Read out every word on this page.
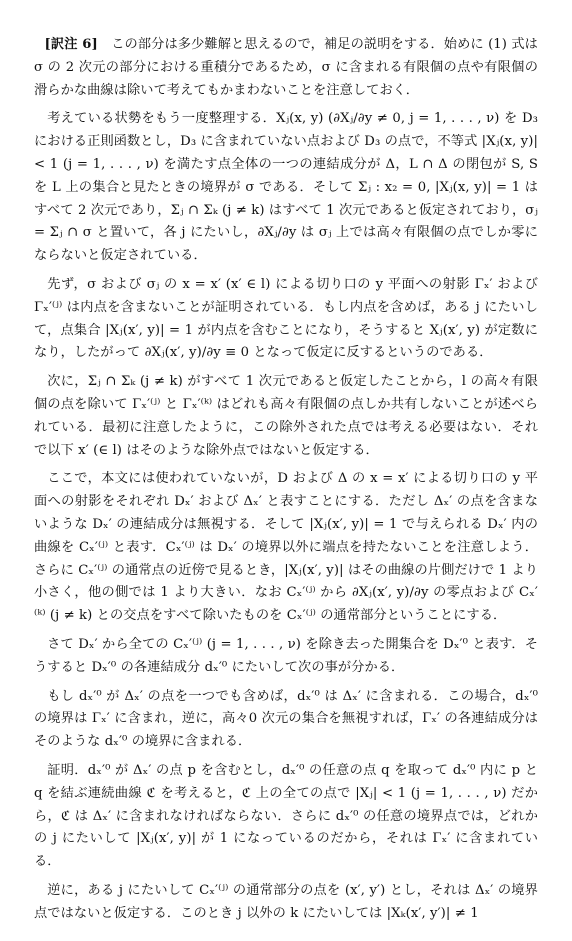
[訳注 6]　 この部分は多少難解と思えるので，補足の説明をする．始めに (1) 式は σ の 2 次元の部分における重積分であるため，σ に含まれる有限個の点や有限個の滑らかな曲線は除いて考えてもかまわないことを注意しておく．

考えている状勢をもう一度整理する．Xⱼ(x, y) (∂Xⱼ/∂y ≠ 0, j = 1, . . . , ν) を D₃ における正則函数とし，D₃ に含まれていない点および D₃ の点で，不等式 |Xⱼ(x, y)| < 1 (j = 1, . . . , ν) を満たす点全体の一つの連結成分が Δ，L ∩ Δ の閉包が S, S を L 上の集合と見たときの境界が σ である．そして Σⱼ : x₂ = 0, |Xⱼ(x, y)| = 1 はすべて 2 次元であり，Σⱼ ∩ Σₖ (j ≠ k) はすべて 1 次元であると仮定されており，σⱼ = Σⱼ ∩ σ と置いて，各 j にたいし，∂Xⱼ/∂y は σⱼ 上では高々有限個の点でしか零にならないと仮定されている．

先ず，σ および σⱼ の x = x′ (x′ ∈ l) による切り口の y 平面への射影 Γₓ′ および Γₓ′⁽ʲ⁾ は内点を含まないことが証明されている．もし内点を含めば，ある j にたいして，点集合 |Xⱼ(x′, y)| = 1 が内点を含むことになり，そうすると Xⱼ(x′, y) が定数になり，したがって ∂Xⱼ(x′, y)/∂y ≡ 0 となって仮定に反するというのである．

次に，Σⱼ ∩ Σₖ (j ≠ k) がすべて 1 次元であると仮定したことから，l の高々有限個の点を除いて Γₓ′⁽ʲ⁾ と Γₓ′⁽ᵏ⁾ はどれも高々有限個の点しか共有しないことが述べられている．最初に注意したように，この除外された点では考える必要はない．それで以下 x′ (∈ l) はそのような除外点ではないと仮定する．

ここで，本文には使われていないが，D および Δ の x = x′ による切り口の y 平面への射影をそれぞれ Dₓ′ および Δₓ′ と表すことにする．ただし Δₓ′ の点を含まないような Dₓ′ の連結成分は無視する．そして |Xⱼ(x′, y)| = 1 で与えられる Dₓ′ 内の曲線を Cₓ′⁽ʲ⁾ と表す．Cₓ′⁽ʲ⁾ は Dₓ′ の境界以外に端点を持たないことを注意しよう．さらに Cₓ′⁽ʲ⁾ の通常点の近傍で見るとき，|Xⱼ(x′, y)| はその曲線の片側だけで 1 より小さく，他の側では 1 より大きい．なお Cₓ′⁽ʲ⁾ から ∂Xⱼ(x′, y)/∂y の零点および Cₓ′⁽ᵏ⁾ (j ≠ k) との交点をすべて除いたものを Cₓ′⁽ʲ⁾ の通常部分ということにする．

さて Dₓ′ から全ての Cₓ′⁽ʲ⁾ (j = 1, . . . , ν) を除き去った開集合を Dₓ′⁰ と表す．そうすると Dₓ′⁰ の各連結成分 dₓ′⁰ にたいして次の事が分かる．

もし dₓ′⁰ が Δₓ′ の点を一つでも含めば，dₓ′⁰ は Δₓ′ に含まれる．この場合，dₓ′⁰ の境界は Γₓ′ に含まれ，逆に，高々0 次元の集合を無視すれば，Γₓ′ の各連結成分はそのような dₓ′⁰ の境界に含まれる．

証明．dₓ′⁰ が Δₓ′ の点 p を含むとし，dₓ′⁰ の任意の点 q を取って dₓ′⁰ 内に p と q を結ぶ連続曲線 ℭ を考えると，ℭ 上の全ての点で |Xⱼ| < 1 (j = 1, . . . , ν) だから，ℭ は Δₓ′ に含まれなければならない．さらに dₓ′⁰ の任意の境界点では，どれかの j にたいして |Xⱼ(x′, y)| が 1 になっているのだから，それは Γₓ′ に含まれている．

逆に，ある j にたいして Cₓ′⁽ʲ⁾ の通常部分の点を (x′, y′) とし，それは Δₓ′ の境界点ではないと仮定する．このとき j 以外の k にたいしては |Xₖ(x′, y′)| ≠ 1
